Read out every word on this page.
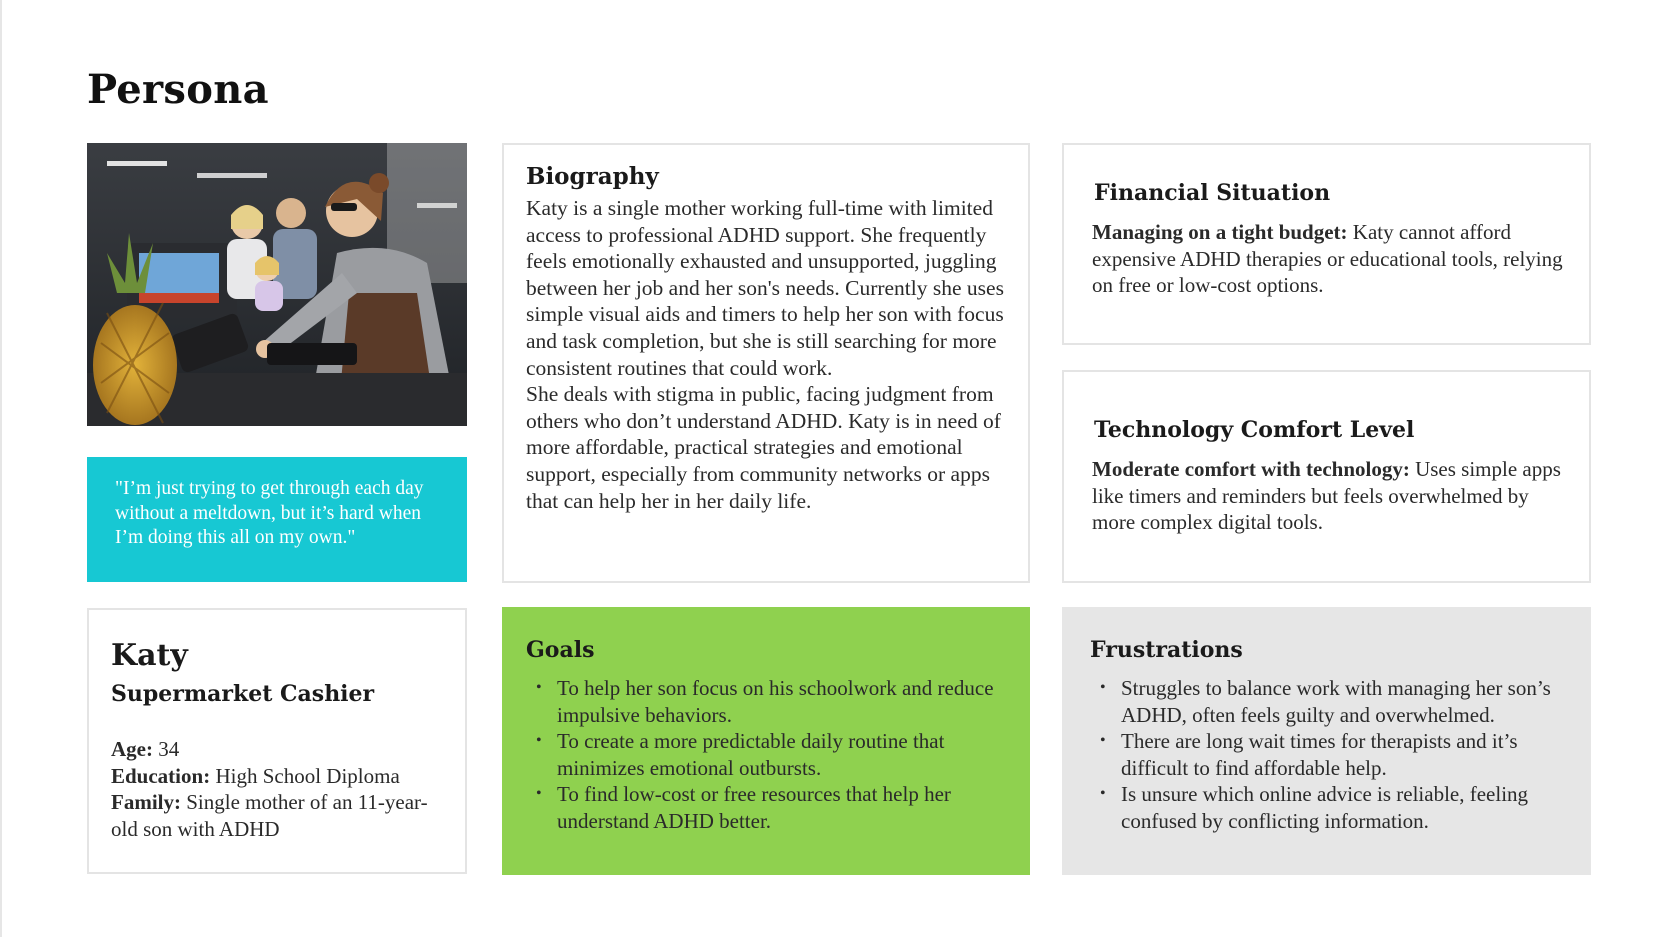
Persona

"I’m just trying to get through each day without a meltdown, but it’s hard when I’m doing this all on my own."

Biography

Katy is a single mother working full-time with limited access to professional ADHD support. She frequently feels emotionally exhausted and unsupported, juggling between her job and her son's needs. Currently she uses simple visual aids and timers to help her son with focus and task completion, but she is still searching for more consistent routines that could work.

She deals with stigma in public, facing judgment from others who don’t understand ADHD. Katy is in need of more affordable, practical strategies and emotional support, especially from community networks or apps that can help her in her daily life.

Financial Situation

Managing on a tight budget: Katy cannot afford expensive ADHD therapies or educational tools, relying on free or low-cost options.

Technology Comfort Level

Moderate comfort with technology: Uses simple apps like timers and reminders but feels overwhelmed by more complex digital tools.

Katy
Supermarket Cashier

Age: 34

Education: High School Diploma

Family: Single mother of an 11-year-old son with ADHD

Goals
• To help her son focus on his schoolwork and reduce impulsive behaviors.
• To create a more predictable daily routine that minimizes emotional outbursts.
• To find low-cost or free resources that help her understand ADHD better.
Frustrations
• Struggles to balance work with managing her son’s ADHD, often feels guilty and overwhelmed.
• There are long wait times for therapists and it’s difficult to find affordable help.
• Is unsure which online advice is reliable, feeling confused by conflicting information.
